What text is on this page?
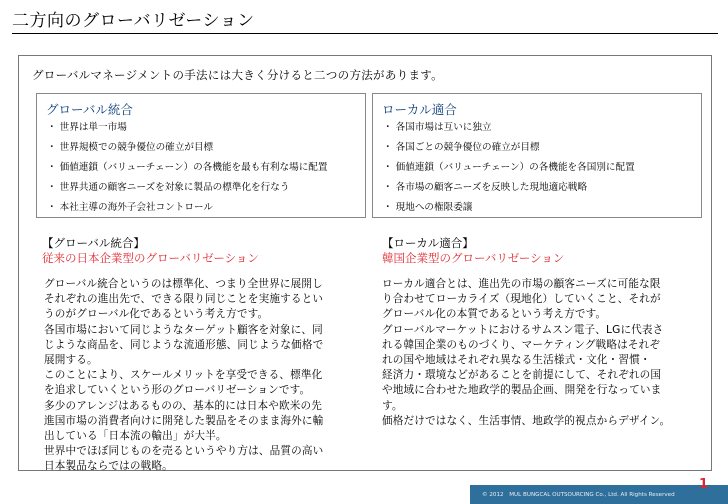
二方向のグローバリゼーション
グローバルマネージメントの手法には大きく分けると二つの方法があります。
グローバル統合
・ 世界は単一市場
・ 世界規模での競争優位の確立が目標
・ 価値連鎖（バリューチェーン）の各機能を最も有利な場に配置
・ 世界共通の顧客ニーズを対象に製品の標準化を行なう
・ 本社主導の海外子会社コントロール
ローカル適合
・ 各国市場は互いに独立
・ 各国ごとの競争優位の確立が目標
・ 価値連鎖（バリューチェーン）の各機能を各国別に配置
・ 各市場の顧客ニーズを反映した現地適応戦略
・ 現地への権限委譲
【グローバル統合】
従来の日本企業型のグローバリゼーション

グローバル統合というのは標準化、つまり全世界に展開し

それぞれの進出先で、できる限り同じことを実施するとい

うのがグローバル化であるという考え方です。

各国市場において同じようなターゲット顧客を対象に、同

じような商品を、同じような流通形態、同じような価格で

展開する。

このことにより、スケールメリットを享受できる、標準化

を追求していくという形のグローバリゼーションです。

多少のアレンジはあるものの、基本的には日本や欧米の先

進国市場の消費者向けに開発した製品をそのまま海外に輸

出している「日本流の輸出」が大半。

世界中でほぼ同じものを売るというやり方は、品質の高い

日本製品ならではの戦略。

【ローカル適合】
韓国企業型のグローバリゼーション

ローカル適合とは、進出先の市場の顧客ニーズに可能な限

り合わせてローカライズ（現地化）していくこと、それが

グローバル化の本質であるという考え方です。

グローバルマーケットにおけるサムスン電子、LGに代表さ

れる韓国企業のものづくり、マーケティング戦略はそれぞ

れの国や地域はそれぞれ異なる生活様式・文化・習慣・

経済力・環境などがあることを前提にして、それぞれの国

や地域に合わせた地政学的製品企画、開発を行なっていま

す。

価格だけではなく、生活事情、地政学的視点からデザイン。

© 2012　MUL BUNGCAL OUTSOURCING Co., Ltd. All Rights Reserved
1
